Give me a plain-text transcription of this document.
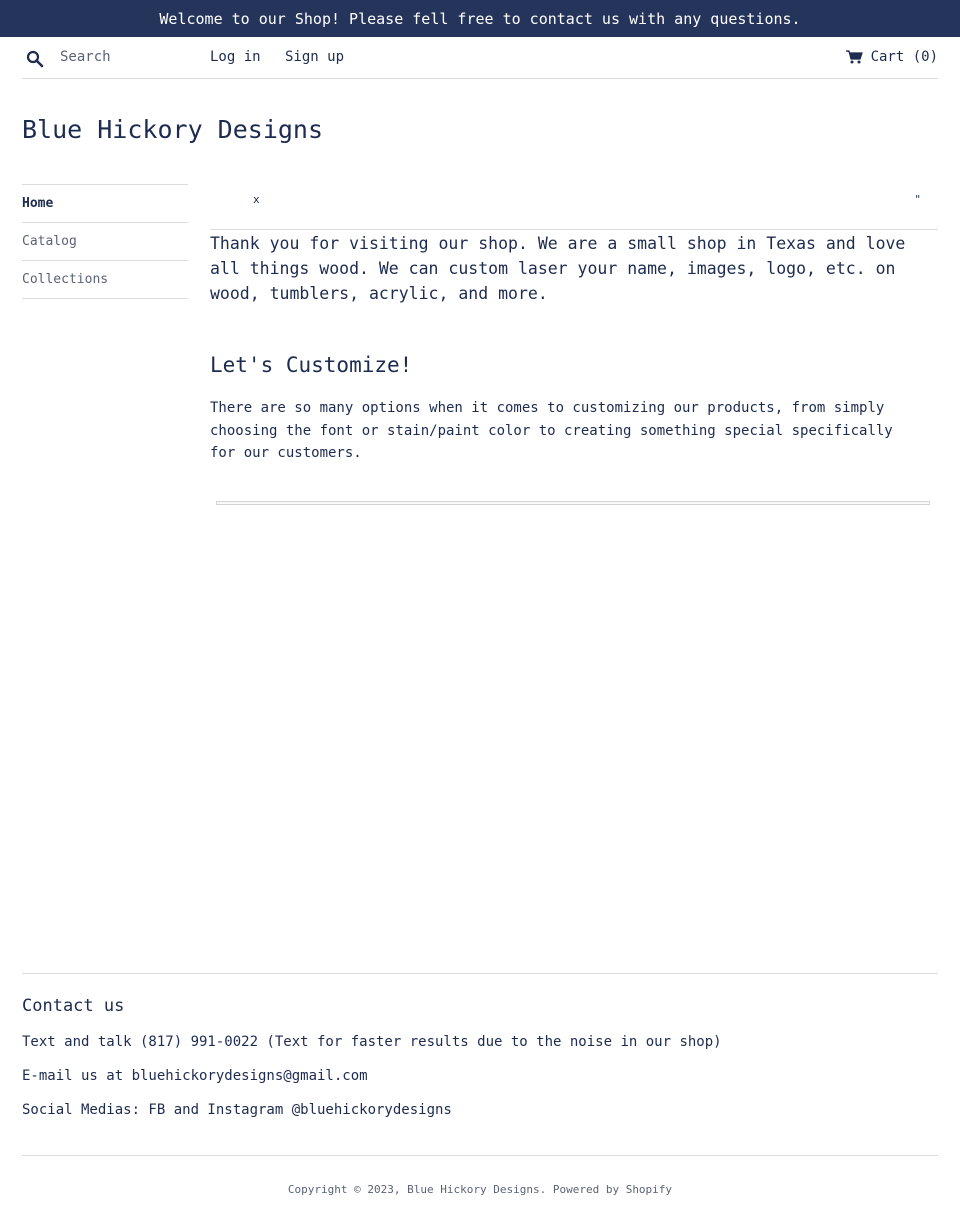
Welcome to our Shop! Please fell free to contact us with any questions.
Search
Log in Sign up	Cart (0)
Blue Hickory Designs
Home
Catalog
Collections
x	"

Thank you for visiting our shop. We are a small shop in Texas and love all things wood. We can custom laser your name, images, logo, etc. on wood, tumblers, acrylic, and more.

Let's Customize!

There are so many options when it comes to customizing our products, from simply choosing the font or stain/paint color to creating something special specifically for our customers.

Contact us

Text and talk (817) 991-0022 (Text for faster results due to the noise in our shop)

E-mail us at bluehickorydesigns@gmail.com

Social Medias: FB and Instagram @bluehickorydesigns

Copyright © 2023, Blue Hickory Designs. Powered by Shopify
